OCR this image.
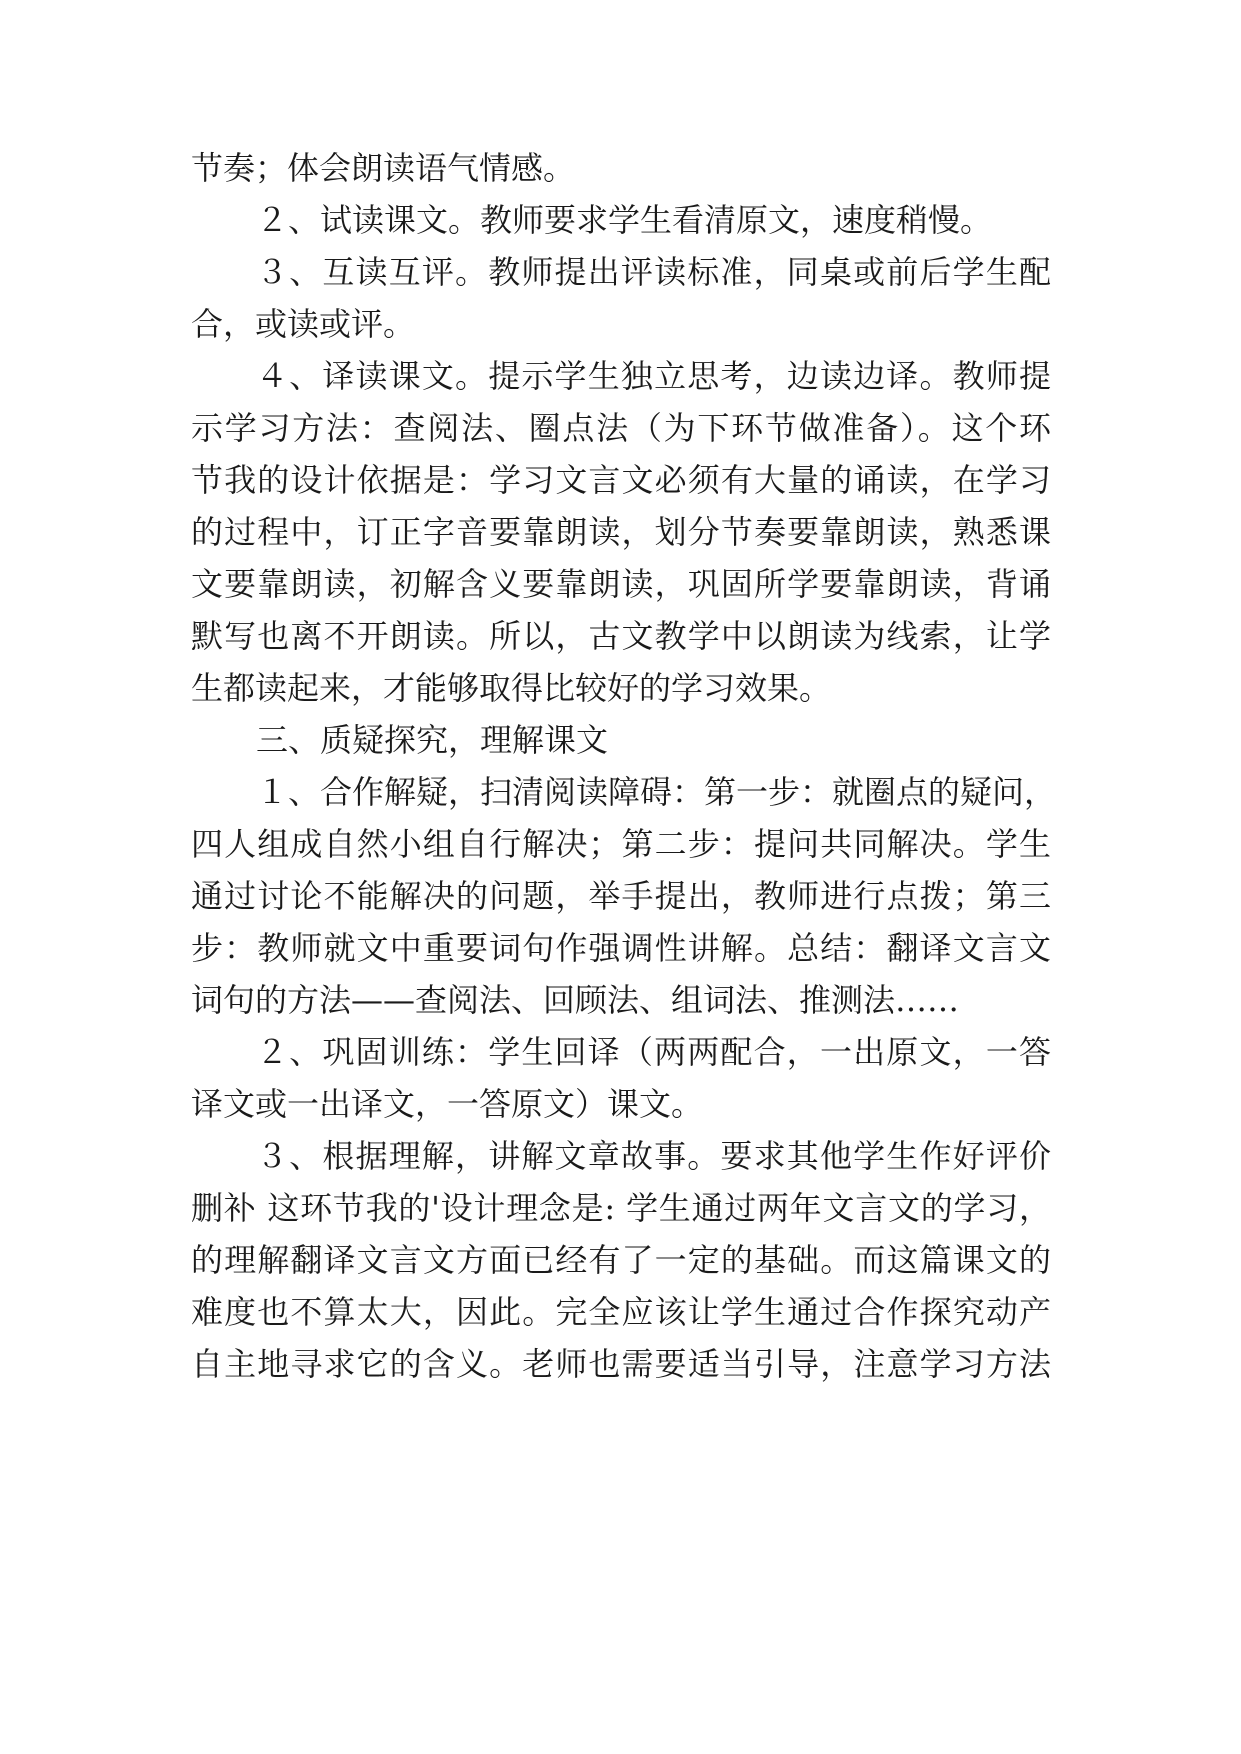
节奏；体会朗读语气情感。
２、试读课文。教师要求学生看清原文，速度稍慢。
３、互读互评。教师提出评读标准，同桌或前后学生配
合，或读或评。
４、译读课文。提示学生独立思考，边读边译。教师提
示学习方法：查阅法、圈点法（为下环节做准备）。这个环
节我的设计依据是：学习文言文必须有大量的诵读，在学习
的过程中，订正字音要靠朗读，划分节奏要靠朗读，熟悉课
文要靠朗读，初解含义要靠朗读，巩固所学要靠朗读，背诵
默写也离不开朗读。所以，古文教学中以朗读为线索，让学
生都读起来，才能够取得比较好的学习效果。
三、质疑探究，理解课文
１、合作解疑，扫清阅读障碍：第一步：就圈点的疑问，
四人组成自然小组自行解决；第二步：提问共同解决。学生
通过讨论不能解决的问题，举手提出，教师进行点拨；第三
步：教师就文中重要词句作强调性讲解。总结：翻译文言文
词句的方法——查阅法、回顾法、组词法、推测法……
２、巩固训练：学生回译（两两配合，一出原文，一答
译文或一出译文，一答原文）课文。
３、根据理解，讲解文章故事。要求其他学生作好评价
删补 这环节我的'设计理念是: 学生通过两年文言文的学习，
的理解翻译文言文方面已经有了一定的基础。而这篇课文的
难度也不算太大，因此。完全应该让学生通过合作探究动产
自主地寻求它的含义。老师也需要适当引导，注意学习方法
